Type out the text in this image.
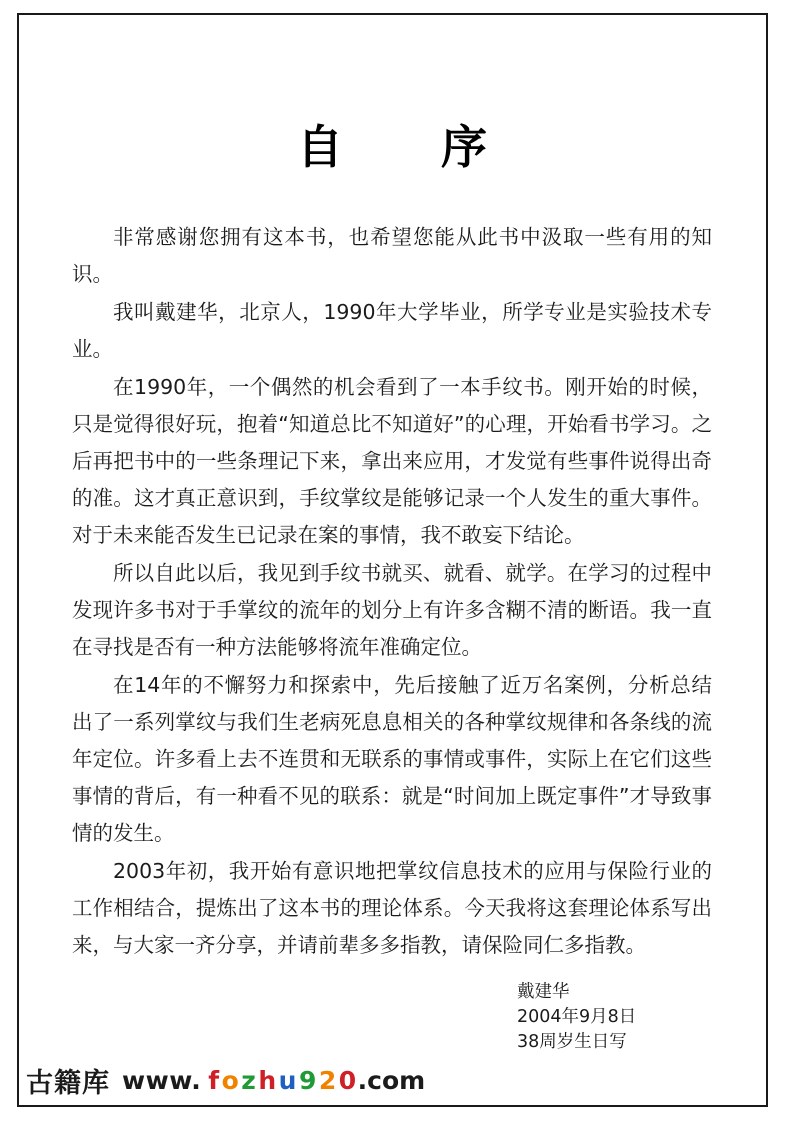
自　序

非常感谢您拥有这本书，也希望您能从此书中汲取一些有用的知识。

我叫戴建华，北京人，1990年大学毕业，所学专业是实验技术专业。

在1990年，一个偶然的机会看到了一本手纹书。刚开始的时候，只是觉得很好玩，抱着“知道总比不知道好”的心理，开始看书学习。之后再把书中的一些条理记下来，拿出来应用，才发觉有些事件说得出奇的准。这才真正意识到，手纹掌纹是能够记录一个人发生的重大事件。对于未来能否发生已记录在案的事情，我不敢妄下结论。

所以自此以后，我见到手纹书就买、就看、就学。在学习的过程中发现许多书对于手掌纹的流年的划分上有许多含糊不清的断语。我一直在寻找是否有一种方法能够将流年准确定位。

在14年的不懈努力和探索中，先后接触了近万名案例，分析总结出了一系列掌纹与我们生老病死息息相关的各种掌纹规律和各条线的流年定位。许多看上去不连贯和无联系的事情或事件，实际上在它们这些事情的背后，有一种看不见的联系：就是“时间加上既定事件”才导致事情的发生。

2003年初，我开始有意识地把掌纹信息技术的应用与保险行业的工作相结合，提炼出了这本书的理论体系。今天我将这套理论体系写出来，与大家一齐分享，并请前辈多多指教，请保险同仁多指教。

戴建华
2004年9月8日
38周岁生日写
古籍库 www. f o z h u 9 2 0 .com
